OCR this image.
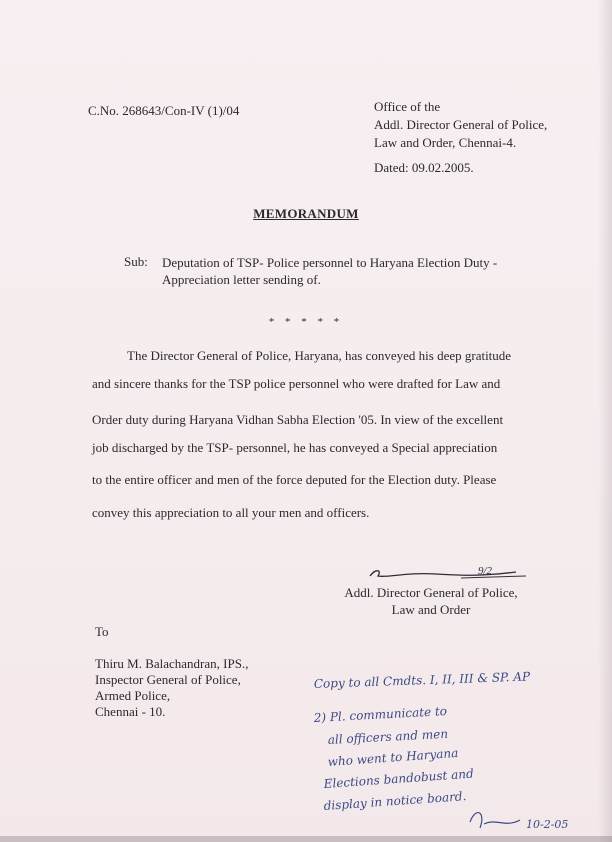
C.No. 268643/Con-IV (1)/04	Office of the
Addl. Director General of Police,
Law and Order, Chennai-4.
Dated: 09.02.2005.
MEMORANDUM
Sub: Deputation of TSP- Police personnel to Haryana Election Duty - Appreciation letter sending of.
* * * * *
The Director General of Police, Haryana, has conveyed his deep gratitude
and sincere thanks for the TSP police personnel who were drafted for Law and
Order duty during Haryana Vidhan Sabha Election '05. In view of the excellent
job discharged by the TSP- personnel, he has conveyed a Special appreciation
to the entire officer and men of the force deputed for the Election duty. Please
convey this appreciation to all your men and officers.
9/2
Addl. Director General of Police,
Law and Order
To
Thiru M. Balachandran, IPS.,
Inspector General of Police,
Armed Police,
Chennai - 10.
Copy to all Cmdts. I, II, III & SP. AP
2) Pl. communicate to
all officers and men
who went to Haryana
Elections bandobust and
display in notice board.
10-2-05
